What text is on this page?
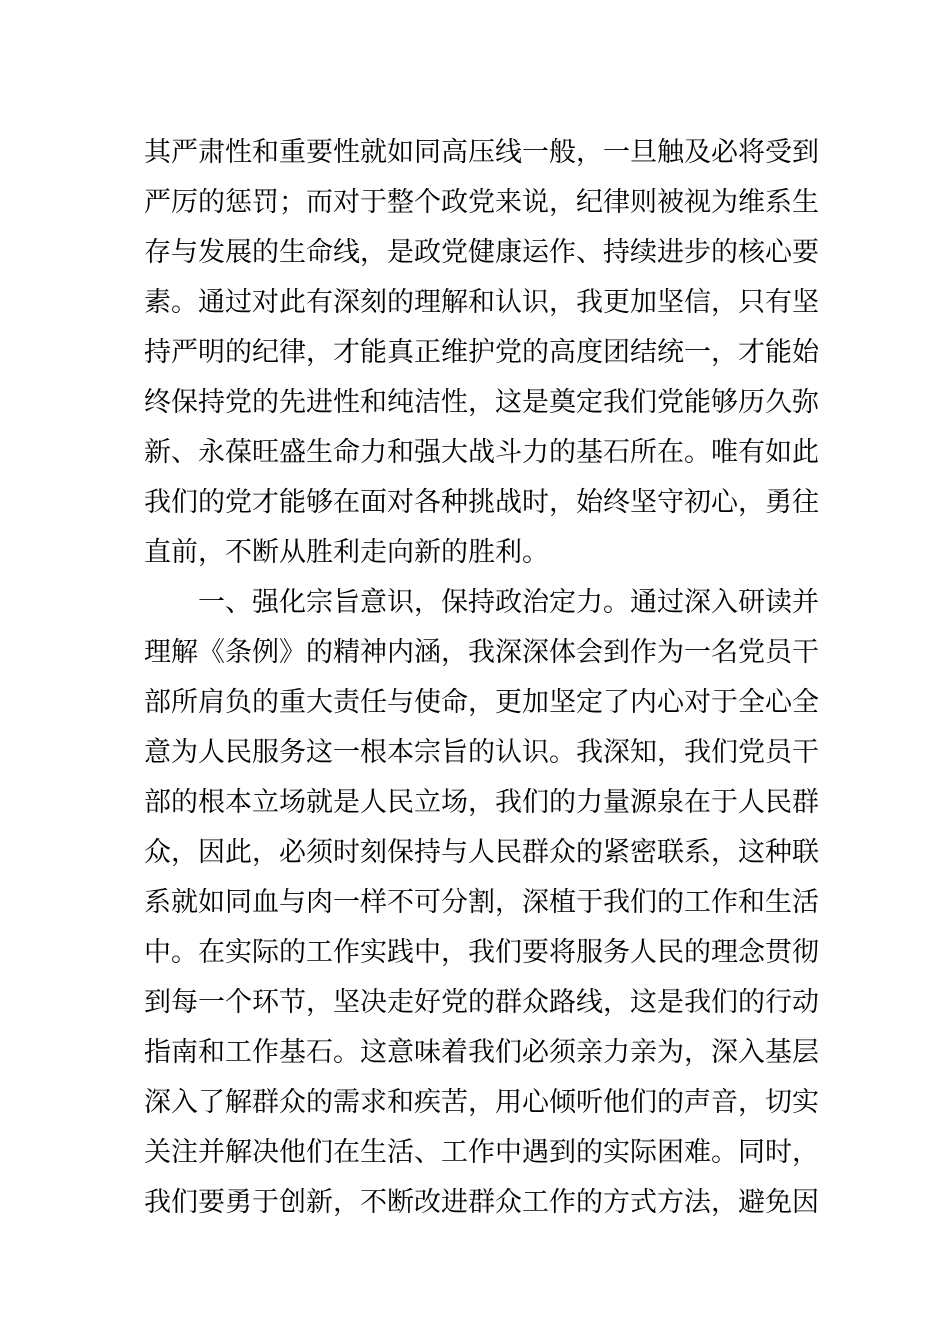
其严肃性和重要性就如同高压线一般，一旦触及必将受到
严厉的惩罚；而对于整个政党来说，纪律则被视为维系生
存与发展的生命线，是政党健康运作、持续进步的核心要
素。通过对此有深刻的理解和认识，我更加坚信，只有坚
持严明的纪律，才能真正维护党的高度团结统一，才能始
终保持党的先进性和纯洁性，这是奠定我们党能够历久弥
新、永葆旺盛生命力和强大战斗力的基石所在。唯有如此
我们的党才能够在面对各种挑战时，始终坚守初心，勇往
直前，不断从胜利走向新的胜利。
一、强化宗旨意识，保持政治定力。通过深入研读并
理解《条例》的精神内涵，我深深体会到作为一名党员干
部所肩负的重大责任与使命，更加坚定了内心对于全心全
意为人民服务这一根本宗旨的认识。我深知，我们党员干
部的根本立场就是人民立场，我们的力量源泉在于人民群
众，因此，必须时刻保持与人民群众的紧密联系，这种联
系就如同血与肉一样不可分割，深植于我们的工作和生活
中。在实际的工作实践中，我们要将服务人民的理念贯彻
到每一个环节，坚决走好党的群众路线，这是我们的行动
指南和工作基石。这意味着我们必须亲力亲为，深入基层
深入了解群众的需求和疾苦，用心倾听他们的声音，切实
关注并解决他们在生活、工作中遇到的实际困难。同时，
我们要勇于创新，不断改进群众工作的方式方法，避免因
